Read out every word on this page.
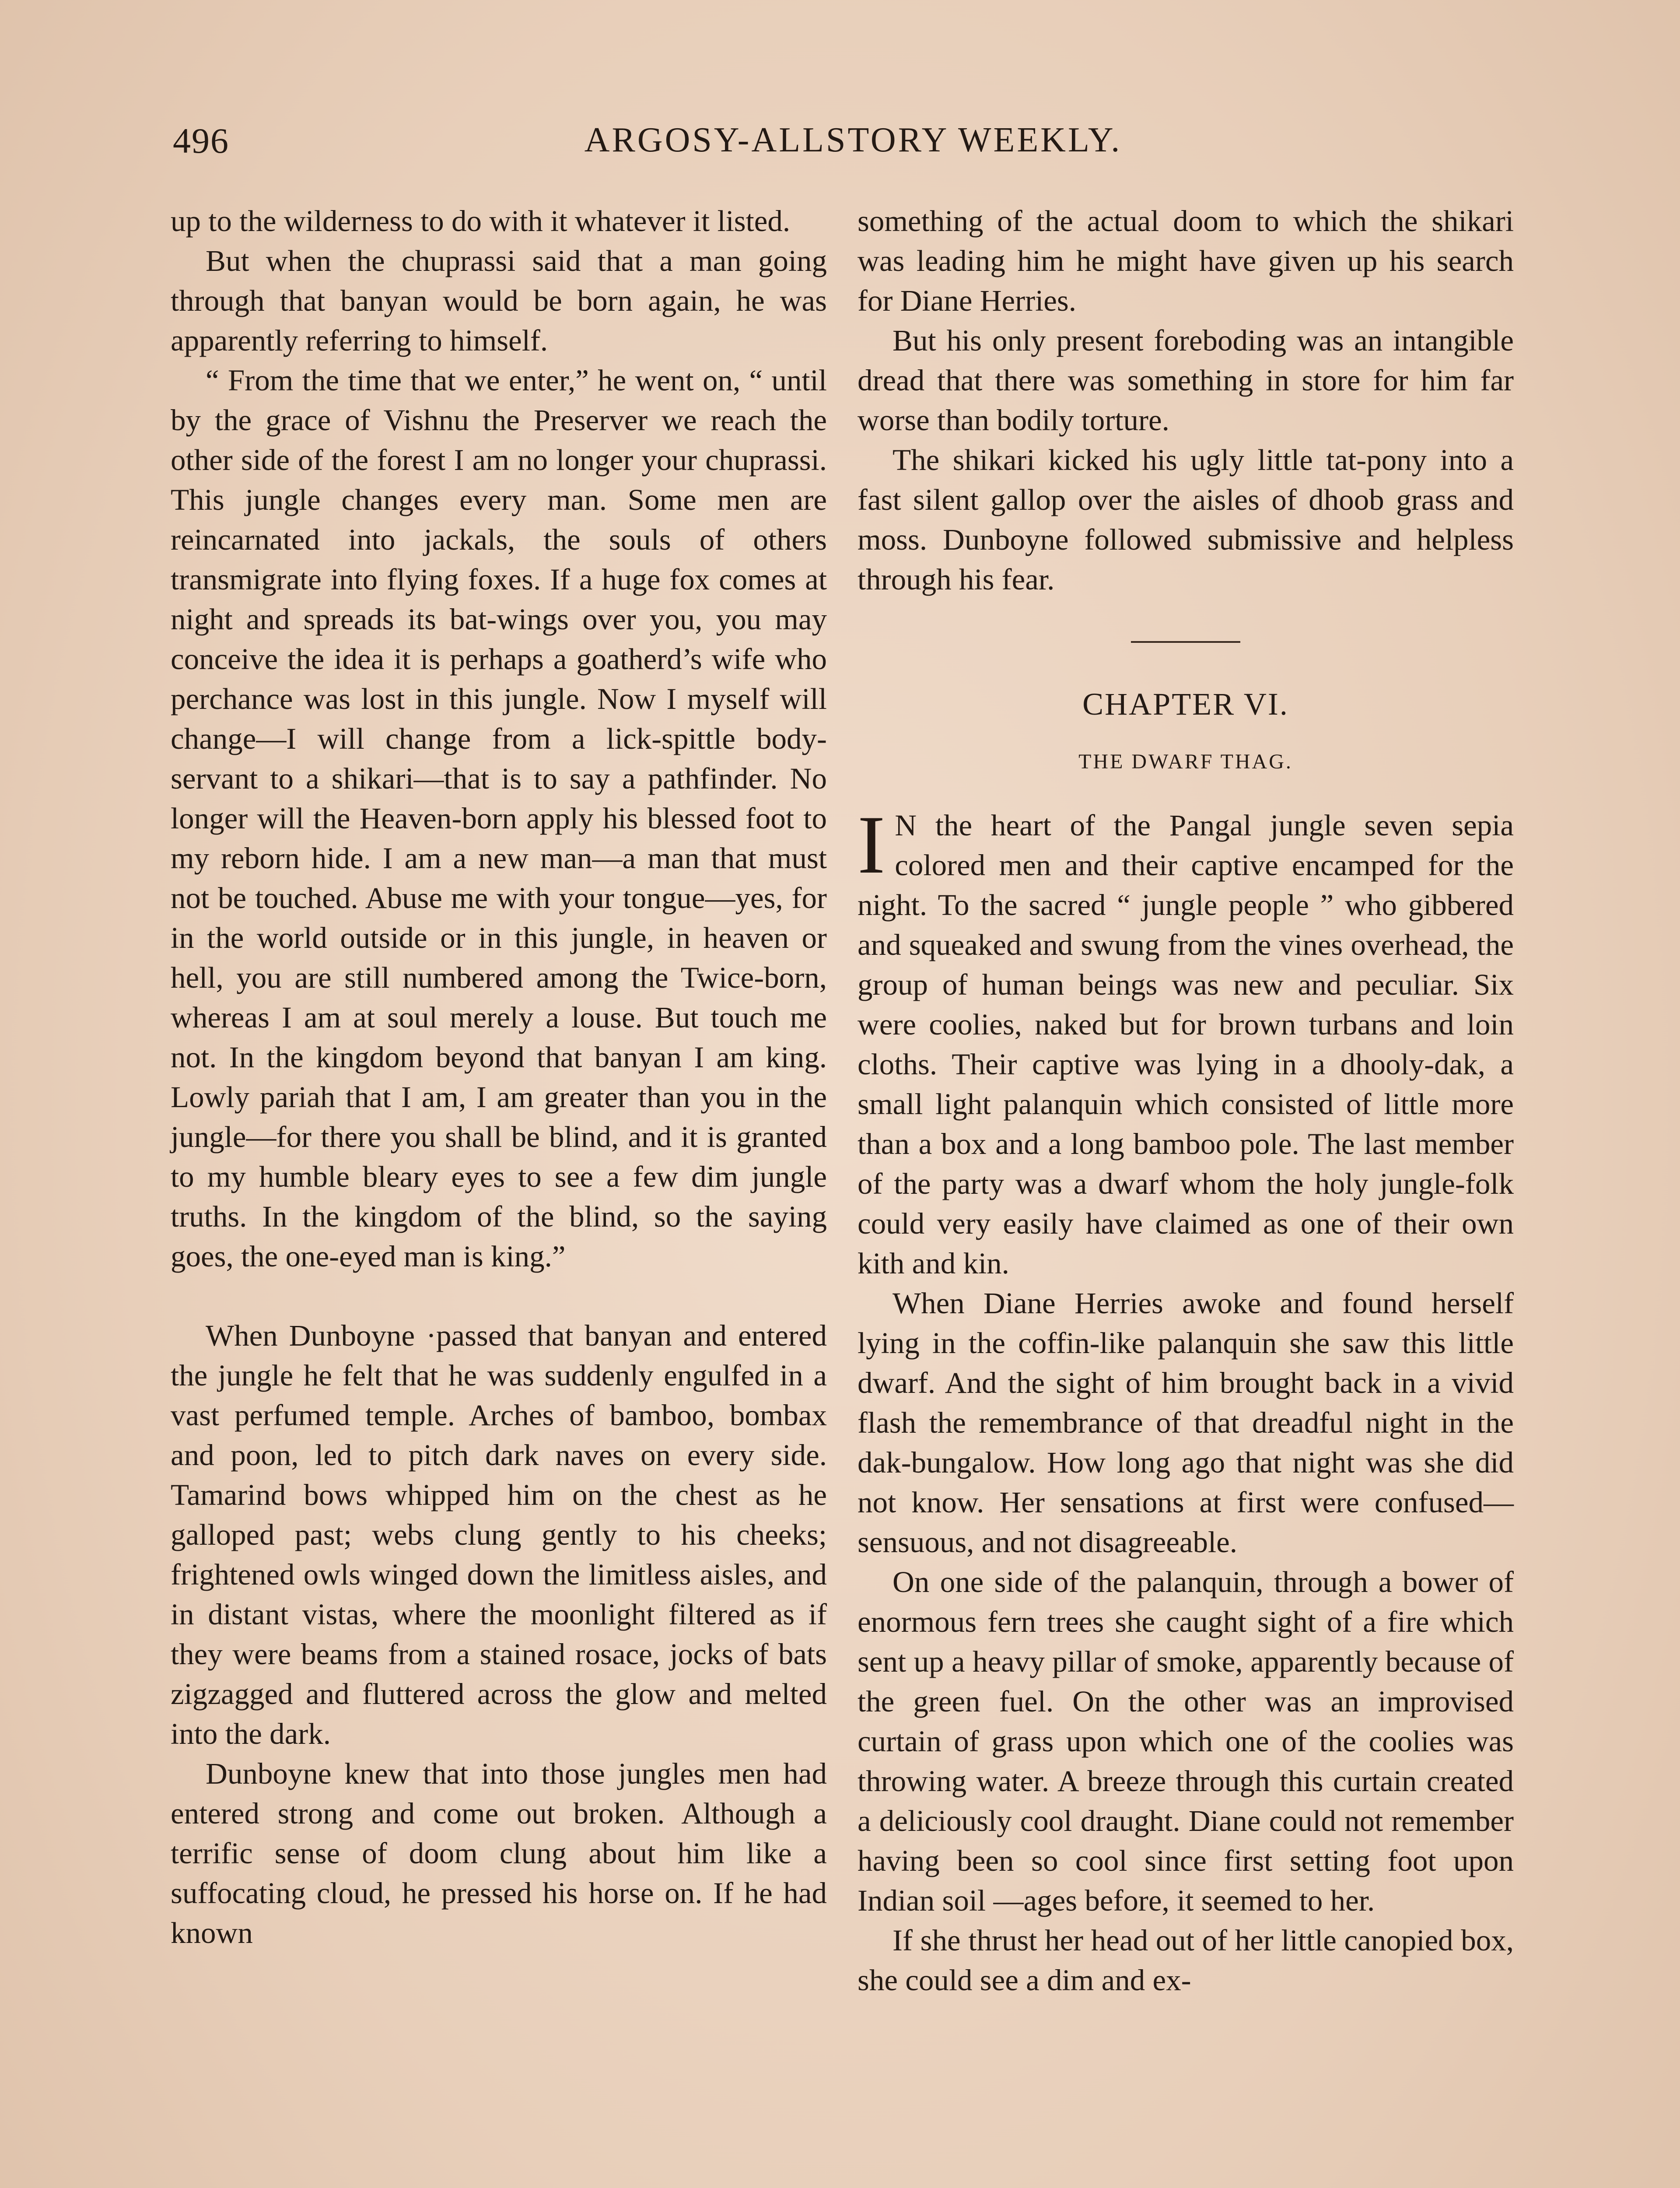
496	ARGOSY-ALLSTORY WEEKLY.

up to the wilderness to do with it whatever it listed.

But when the chuprassi said that a man going through that banyan would be born again, he was apparently referring to himself.

“ From the time that we enter,” he went on, “ until by the grace of Vishnu the Preserver we reach the other side of the forest I am no longer your chuprassi. This jungle changes every man. Some men are reincarnated into jackals, the souls of others transmigrate into flying foxes. If a huge fox comes at night and spreads its bat-wings over you, you may conceive the idea it is perhaps a goatherd’s wife who perchance was lost in this jungle. Now I myself will change—I will change from a lick-spittle body-servant to a shikari—that is to say a pathfinder. No longer will the Heaven-born apply his blessed foot to my reborn hide. I am a new man—a man that must not be touched. Abuse me with your tongue—yes, for in the world outside or in this jungle, in heaven or hell, you are still numbered among the Twice-born, whereas I am at soul merely a louse. But touch me not. In the kingdom beyond that banyan I am king. Lowly pariah that I am, I am greater than you in the jungle—for there you shall be blind, and it is granted to my humble bleary eyes to see a few dim jungle truths. In the kingdom of the blind, so the saying goes, the one-eyed man is king.”

When Dunboyne ·passed that banyan and entered the jungle he felt that he was suddenly engulfed in a vast perfumed temple. Arches of bamboo, bombax and poon, led to pitch dark naves on every side. Tamarind bows whipped him on the chest as he galloped past; webs clung gently to his cheeks; frightened owls winged down the limitless aisles, and in distant vistas, where the moonlight filtered as if they were beams from a stained rosace, jocks of bats zigzagged and fluttered across the glow and melted into the dark.

Dunboyne knew that into those jungles men had entered strong and come out broken. Although a terrific sense of doom clung about him like a suffocating cloud, he pressed his horse on. If he had known

something of the actual doom to which the shikari was leading him he might have given up his search for Diane Herries.

But his only present foreboding was an intangible dread that there was something in store for him far worse than bodily torture.

The shikari kicked his ugly little tat-pony into a fast silent gallop over the aisles of dhoob grass and moss. Dunboyne followed submissive and helpless through his fear.

CHAPTER VI.
THE DWARF THAG.

I N the heart of the Pangal jungle seven sepia colored men and their captive encamped for the night. To the sacred “ jungle people ” who gibbered and squeaked and swung from the vines overhead, the group of human beings was new and peculiar. Six were coolies, naked but for brown turbans and loin cloths. Their captive was lying in a dhooly-dak, a small light palanquin which consisted of little more than a box and a long bamboo pole. The last member of the party was a dwarf whom the holy jungle-folk could very easily have claimed as one of their own kith and kin.

When Diane Herries awoke and found herself lying in the coffin-like palanquin she saw this little dwarf. And the sight of him brought back in a vivid flash the remembrance of that dreadful night in the dak-bungalow. How long ago that night was she did not know. Her sensations at first were confused—sensuous, and not disagreeable.

On one side of the palanquin, through a bower of enormous fern trees she caught sight of a fire which sent up a heavy pillar of smoke, apparently because of the green fuel. On the other was an improvised curtain of grass upon which one of the coolies was throwing water. A breeze through this curtain created a deliciously cool draught. Diane could not remember having been so cool since first setting foot upon Indian soil —ages before, it seemed to her.

If she thrust her head out of her little canopied box, she could see a dim and ex-
